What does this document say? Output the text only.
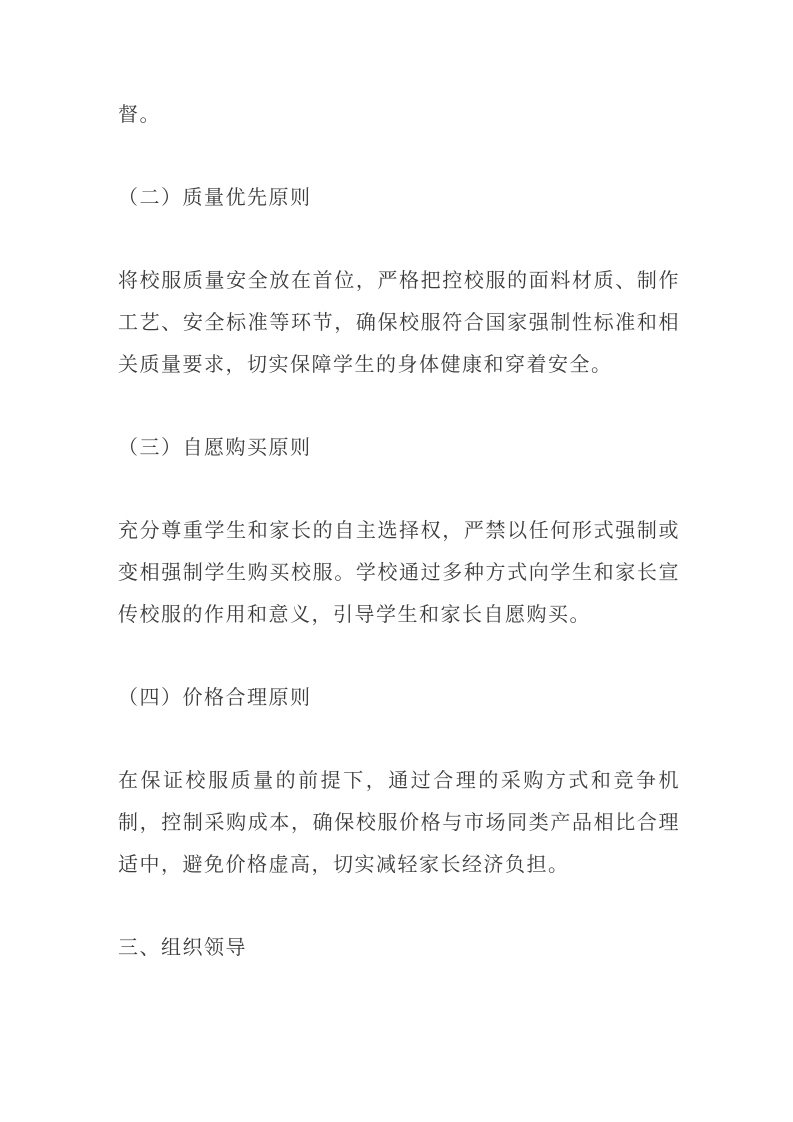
督。

（二）质量优先原则

将校服质量安全放在首位，严格把控校服的面料材质、制作工艺、安全标准等环节，确保校服符合国家强制性标准和相关质量要求，切实保障学生的身体健康和穿着安全。

（三）自愿购买原则

充分尊重学生和家长的自主选择权，严禁以任何形式强制或变相强制学生购买校服。学校通过多种方式向学生和家长宣传校服的作用和意义，引导学生和家长自愿购买。

（四）价格合理原则

在保证校服质量的前提下，通过合理的采购方式和竞争机制，控制采购成本，确保校服价格与市场同类产品相比合理适中，避免价格虚高，切实减轻家长经济负担。

三、组织领导
